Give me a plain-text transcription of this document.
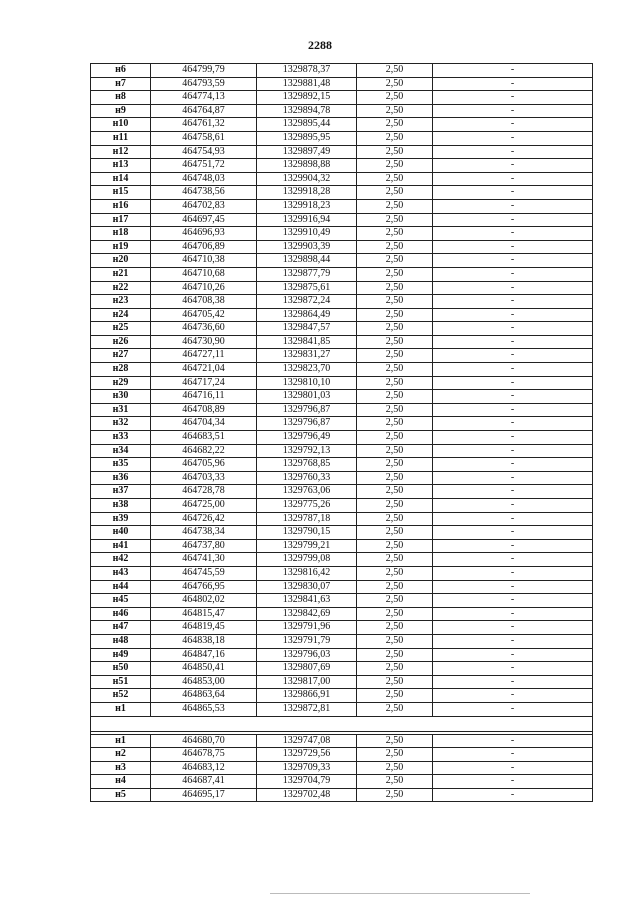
2288
н6	464799,79	1329878,37	2,50	-
н7	464793,59	1329881,48	2,50	-
н8	464774,13	1329892,15	2,50	-
н9	464764,87	1329894,78	2,50	-
н10	464761,32	1329895,44	2,50	-
н11	464758,61	1329895,95	2,50	-
н12	464754,93	1329897,49	2,50	-
н13	464751,72	1329898,88	2,50	-
н14	464748,03	1329904,32	2,50	-
н15	464738,56	1329918,28	2,50	-
н16	464702,83	1329918,23	2,50	-
н17	464697,45	1329916,94	2,50	-
н18	464696,93	1329910,49	2,50	-
н19	464706,89	1329903,39	2,50	-
н20	464710,38	1329898,44	2,50	-
н21	464710,68	1329877,79	2,50	-
н22	464710,26	1329875,61	2,50	-
н23	464708,38	1329872,24	2,50	-
н24	464705,42	1329864,49	2,50	-
н25	464736,60	1329847,57	2,50	-
н26	464730,90	1329841,85	2,50	-
н27	464727,11	1329831,27	2,50	-
н28	464721,04	1329823,70	2,50	-
н29	464717,24	1329810,10	2,50	-
н30	464716,11	1329801,03	2,50	-
н31	464708,89	1329796,87	2,50	-
н32	464704,34	1329796,87	2,50	-
н33	464683,51	1329796,49	2,50	-
н34	464682,22	1329792,13	2,50	-
н35	464705,96	1329768,85	2,50	-
н36	464703,33	1329760,33	2,50	-
н37	464728,78	1329763,06	2,50	-
н38	464725,00	1329775,26	2,50	-
н39	464726,42	1329787,18	2,50	-
н40	464738,34	1329790,15	2,50	-
н41	464737,80	1329799,21	2,50	-
н42	464741,30	1329799,08	2,50	-
н43	464745,59	1329816,42	2,50	-
н44	464766,95	1329830,07	2,50	-
н45	464802,02	1329841,63	2,50	-
н46	464815,47	1329842,69	2,50	-
н47	464819,45	1329791,96	2,50	-
н48	464838,18	1329791,79	2,50	-
н49	464847,16	1329796,03	2,50	-
н50	464850,41	1329807,69	2,50	-
н51	464853,00	1329817,00	2,50	-
н52	464863,64	1329866,91	2,50	-
н1	464865,53	1329872,81	2,50	-

н1	464680,70	1329747,08	2,50	-
н2	464678,75	1329729,56	2,50	-
н3	464683,12	1329709,33	2,50	-
н4	464687,41	1329704,79	2,50	-
н5	464695,17	1329702,48	2,50	-
